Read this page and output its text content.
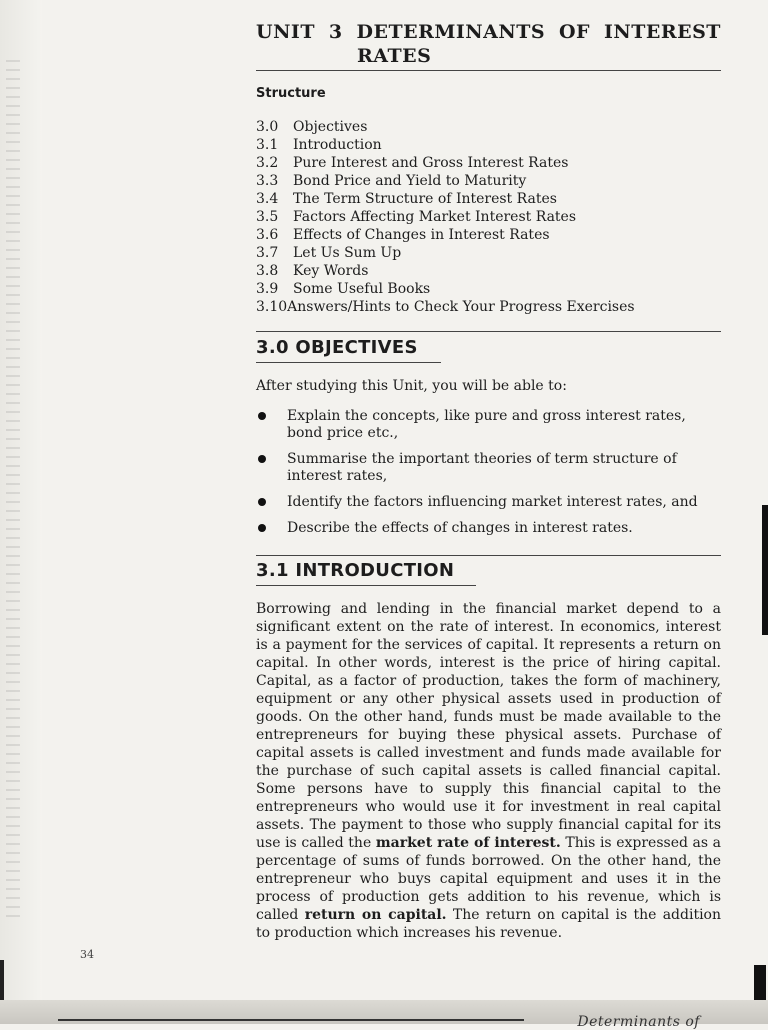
UNIT 3 DETERMINANTS OF INTEREST
RATES
Structure
3.0	Objectives
3.1	Introduction
3.2	Pure Interest and Gross Interest Rates
3.3	Bond Price and Yield to Maturity
3.4	The Term Structure of Interest Rates
3.5	Factors Affecting Market Interest Rates
3.6	Effects of Changes in Interest Rates
3.7	Let Us Sum Up
3.8	Key Words
3.9	Some Useful Books
3.10 Answers/Hints to Check Your Progress Exercises
3.0 OBJECTIVES
After studying this Unit, you will be able to:
Explain the concepts, like pure and gross interest rates, bond price etc.,
Summarise the important theories of term structure of interest rates,
Identify the factors influencing market interest rates, and
Describe the effects of changes in interest rates.
3.1 INTRODUCTION
Borrowing and lending in the financial market depend to a significant extent on the rate of interest. In economics, interest is a payment for the services of capital. It represents a return on capital. In other words, interest is the price of hiring capital. Capital, as a factor of production, takes the form of machinery, equipment or any other physical assets used in production of goods. On the other hand, funds must be made available to the entrepreneurs for buying these physical assets. Purchase of capital assets is called investment and funds made available for the purchase of such capital assets is called financial capital. Some persons have to supply this financial capital to the entrepreneurs who would use it for investment in real capital assets. The payment to those who supply financial capital for its use is called the market rate of interest. This is expressed as a percentage of sums of funds borrowed. On the other hand, the entrepreneur who buys capital equipment and uses it in the process of production gets addition to his revenue, which is called return on capital. The return on capital is the addition to production which increases his revenue.
34
Determinants of
